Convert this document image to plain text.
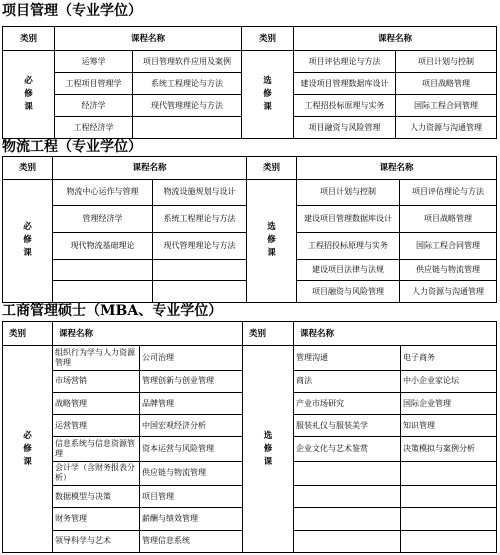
项目管理（专业学位）
类别	课程名称		类别	课程名称	
必修课	运筹学	项目管理软件应用及案例	选修课	项目评估理论与方法	项目计划与控制
	工程项目管理学	系统工程理论与方法		建设项目管理数据库设计	项目战略管理
	经济学	现代管理理论与方法		工程招投标原理与实务	国际工程合同管理
	工程经济学			项目融资与风险管理	人力资源与沟通管理
物流工程（专业学位）
类别	课程名称		类别	课程名称	
必修课	物流中心运作与管理	物流设施规划与设计	选修课	项目计划与控制	项目评估理论与方法
	管理经济学	系统工程理论与方法		建设项目管理数据库设计	项目战略管理
	现代物流基础理论	现代管理理论与方法		工程招投标原理与实务	国际工程合同管理
				建设项目法律与法规	供应链与物流管理
				项目融资与风险管理	人力资源与沟通管理
工商管理硕士（MBA、专业学位）
类别	课程名称		类别	课程名称	
必修课	组织行为学与人力资源管理	公司治理	选修课	管理沟通	电子商务
	市场营销	管理创新与创业管理		商法	中小企业家论坛
	战略管理	品牌管理		产业市场研究	国际企业管理
	运营管理	中国宏观经济分析		服装礼仪与服装美学	知识管理
	信息系统与信息资源管理	资本运营与风险管理		企业文化与艺术鉴赏	决策模拟与案例分析
	会计学（含财务报表分析）	供应链与物流管理			
	数据模型与决策	项目管理			
	财务管理	薪酬与绩效管理			
	领导科学与艺术	管理信息系统			
